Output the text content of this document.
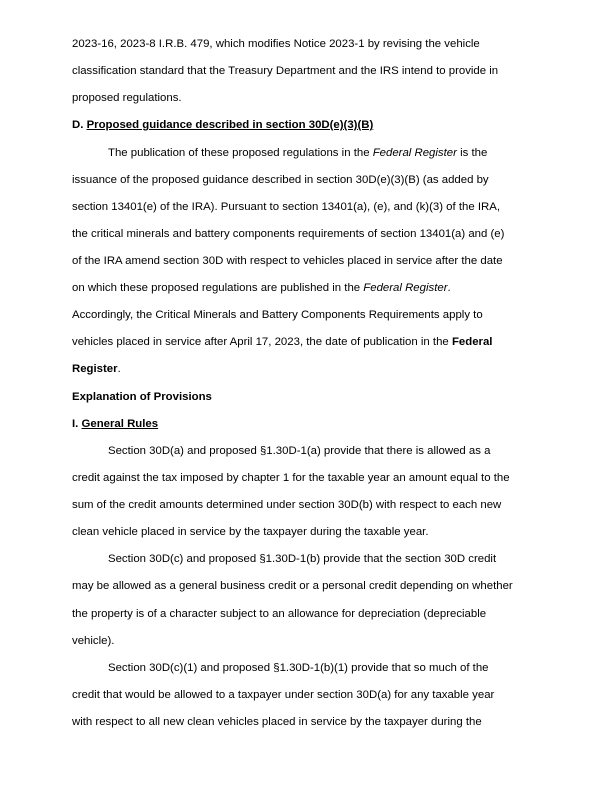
2023-16, 2023-8 I.R.B. 479, which modifies Notice 2023-1 by revising the vehicle
classification standard that the Treasury Department and the IRS intend to provide in
proposed regulations.
D. Proposed guidance described in section 30D(e)(3)(B)
The publication of these proposed regulations in the Federal Register is the
issuance of the proposed guidance described in section 30D(e)(3)(B) (as added by
section 13401(e) of the IRA). Pursuant to section 13401(a), (e), and (k)(3) of the IRA,
the critical minerals and battery components requirements of section 13401(a) and (e)
of the IRA amend section 30D with respect to vehicles placed in service after the date
on which these proposed regulations are published in the Federal Register.
Accordingly, the Critical Minerals and Battery Components Requirements apply to
vehicles placed in service after April 17, 2023, the date of publication in the Federal
Register.
Explanation of Provisions
I. General Rules
Section 30D(a) and proposed §1.30D-1(a) provide that there is allowed as a
credit against the tax imposed by chapter 1 for the taxable year an amount equal to the
sum of the credit amounts determined under section 30D(b) with respect to each new
clean vehicle placed in service by the taxpayer during the taxable year.
Section 30D(c) and proposed §1.30D-1(b) provide that the section 30D credit
may be allowed as a general business credit or a personal credit depending on whether
the property is of a character subject to an allowance for depreciation (depreciable
vehicle).
Section 30D(c)(1) and proposed §1.30D-1(b)(1) provide that so much of the
credit that would be allowed to a taxpayer under section 30D(a) for any taxable year
with respect to all new clean vehicles placed in service by the taxpayer during the
